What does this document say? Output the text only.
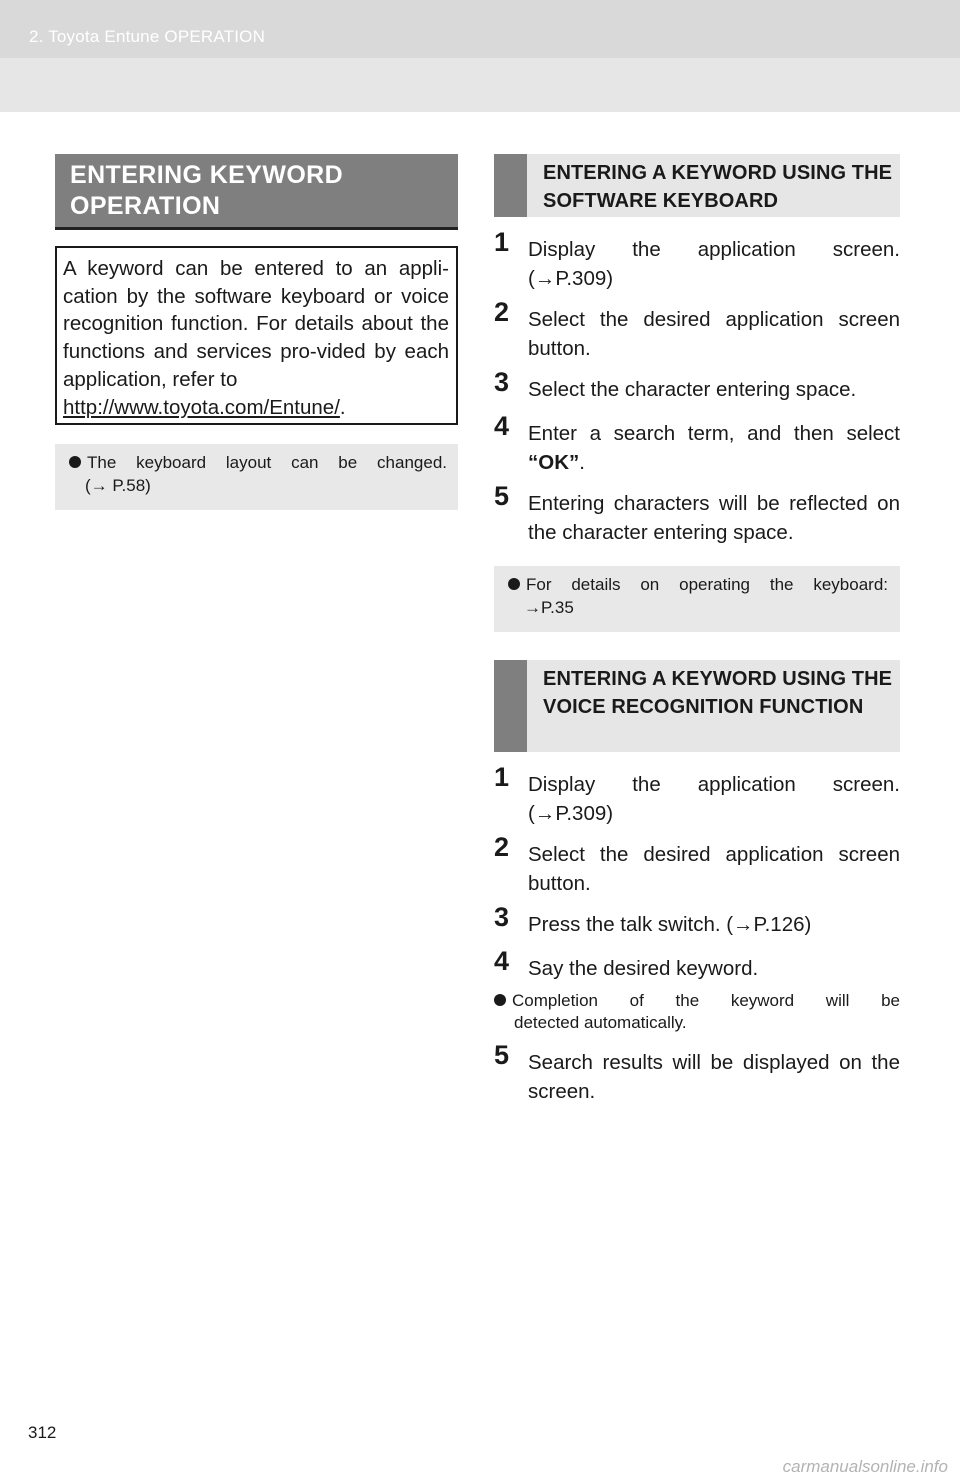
2. Toyota Entune OPERATION
ENTERING KEYWORD OPERATION
A keyword can be entered to an appli-cation by the software keyboard or voice recognition function. For details about the functions and services pro-vided by each application, refer to
http://www.toyota.com/Entune/.
The keyboard layout can be changed.
(→ P.58)
ENTERING A KEYWORD USING THE SOFTWARE KEYBOARD
1 Display the application screen.
(→P.309)
2 Select the desired application screen
button.
3 Select the character entering space.
4 Enter a search term, and then select
“OK”.
5 Entering characters will be reflected on
the character entering space.
For details on operating the keyboard:
→P.35
ENTERING A KEYWORD USING THE VOICE RECOGNITION FUNCTION
1 Display the application screen.
(→P.309)
2 Select the desired application screen
button.
3 Press the talk switch. (→P.126)
4 Say the desired keyword.
Completion of the keyword will be
detected automatically.
5 Search results will be displayed on the
screen.
312
carmanualsonline.info
